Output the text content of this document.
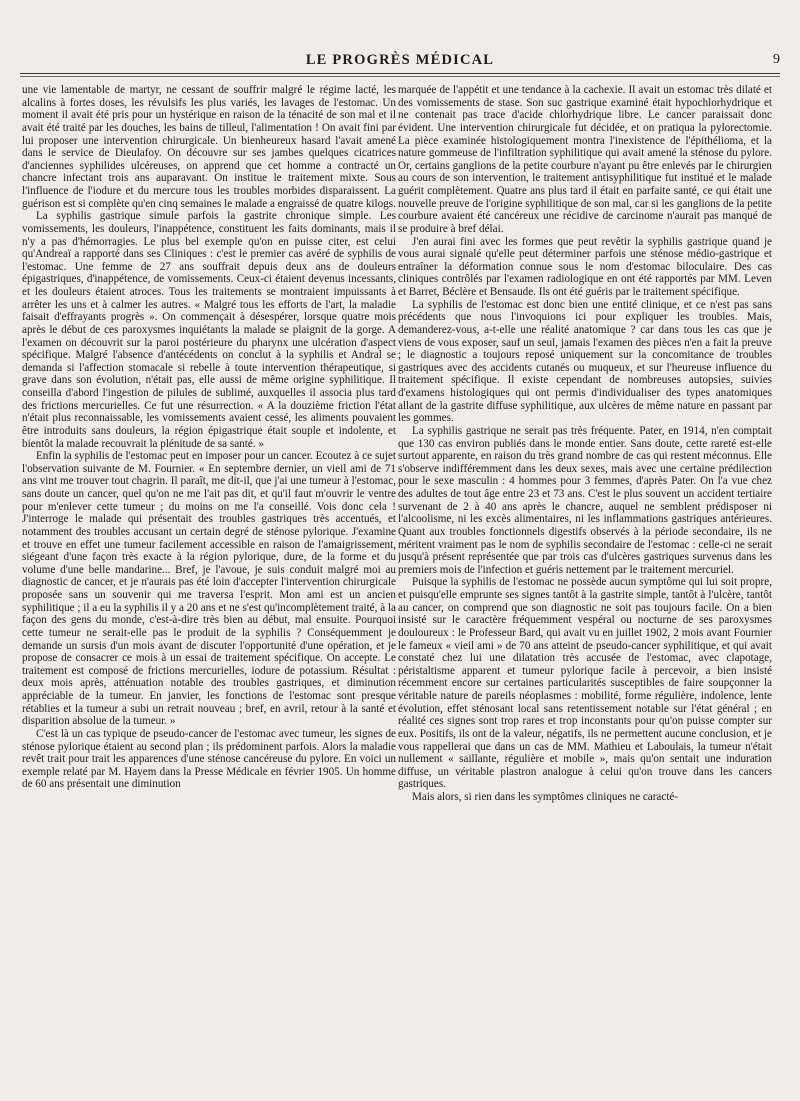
LE PROGRÈS MÉDICAL	9

une vie lamentable de martyr, ne cessant de souffrir malgré le régime lacté, les alcalins à fortes doses, les révulsifs les plus variés, les lavages de l'estomac. Un moment il avait été pris pour un hystérique en raison de la ténacité de son mal et il avait été traité par les douches, les bains de tilleul, l'alimentation ! On avait fini par lui proposer une intervention chirurgicale. Un bienheureux hasard l'avait amené dans le service de Dieulafoy. On découvre sur ses jambes quelques cicatrices d'anciennes syphilides ulcéreuses, on apprend que cet homme a contracté un chancre infectant trois ans auparavant. On institue le traitement mixte. Sous l'influence de l'iodure et du mercure tous les troubles morbides disparaissent. La guérison est si complète qu'en cinq semaines le malade a engraissé de quatre kilogs.

La syphilis gastrique simule parfois la gastrite chronique simple. Les vomissements, les douleurs, l'inappétence, constituent les faits dominants, mais il n'y a pas d'hémorragies. Le plus bel exemple qu'on en puisse citer, est celui qu'Andreaï a rapporté dans ses Cliniques : c'est le premier cas avéré de syphilis de l'estomac. Une femme de 27 ans souffrait depuis deux ans de douleurs épigastriques, d'inappétence, de vomissements. Ceux-ci étaient devenus incessants, et les douleurs étaient atroces. Tous les traitements se montraient impuissants à arrêter les uns et à calmer les autres. « Malgré tous les efforts de l'art, la maladie faisait d'effrayants progrès ». On commençait à désespérer, lorsque quatre mois après le début de ces paroxysmes inquiétants la malade se plaignit de la gorge. A l'examen on découvrit sur la paroi postérieure du pharynx une ulcération d'aspect spécifique. Malgré l'absence d'antécédents on conclut à la syphilis et Andral se demanda si l'affection stomacale si rebelle à toute intervention thérapeutique, si grave dans son évolution, n'était pas, elle aussi de même origine syphilitique. Il conseilla d'abord l'ingestion de pilules de sublimé, auxquelles il associa plus tard des frictions mercurielles. Ce fut une résurrection. « A la douzième friction l'état n'était plus reconnaissable, les vomissements avaient cessé, les aliments pouvaient être introduits sans douleurs, la région épigastrique était souple et indolente, et bientôt la malade recouvrait la plénitude de sa santé. »

Enfin la syphilis de l'estomac peut en imposer pour un cancer. Ecoutez à ce sujet l'observation suivante de M. Fournier. « En septembre dernier, un vieil ami de 71 ans vint me trouver tout chagrin. Il paraît, me dit-il, que j'ai une tumeur à l'estomac, sans doute un cancer, quel qu'on ne me l'ait pas dit, et qu'il faut m'ouvrir le ventre pour m'enlever cette tumeur ; du moins on me l'a conseillé. Vois donc cela ! J'interroge le malade qui présentait des troubles gastriques très accentués, et notamment des troubles accusant un certain degré de sténose pylorique. J'examine et trouve en effet une tumeur facilement accessible en raison de l'amaigrissement, siégeant d'une façon très exacte à la région pylorique, dure, de la forme et du volume d'une belle mandarine... Bref, je l'avoue, je suis conduit malgré moi au diagnostic de cancer, et je n'aurais pas été loin d'accepter l'intervention chirurgicale proposée sans un souvenir qui me traversa l'esprit. Mon ami est un ancien syphilitique ; il a eu la syphilis il y a 20 ans et ne s'est qu'incomplètement traité, à la façon des gens du monde, c'est-à-dire très bien au début, mal ensuite. Pourquoi cette tumeur ne serait-elle pas le produit de la syphilis ? Conséquemment je demande un sursis d'un mois avant de discuter l'opportunité d'une opération, et je propose de consacrer ce mois à un essai de traitement spécifique. On accepte. Le traitement est composé de frictions mercurielles, iodure de potassium. Résultat : deux mois après, atténuation notable des troubles gastriques, et diminution appréciable de la tumeur. En janvier, les fonctions de l'estomac sont presque rétablies et la tumeur a subi un retrait nouveau ; bref, en avril, retour à la santé et disparition absolue de la tumeur. »

C'est là un cas typique de pseudo-cancer de l'estomac avec tumeur, les signes de sténose pylorique étaient au second plan ; ils prédominent parfois. Alors la maladie revêt trait pour trait les apparences d'une sténose cancéreuse du pylore. En voici un exemple relaté par M. Hayem dans la Presse Médicale en février 1905. Un homme de 60 ans présentait une diminution

marquée de l'appétit et une tendance à la cachexie. Il avait un estomac très dilaté et des vomissements de stase. Son suc gastrique examiné était hypochlorhydrique et ne contenait pas trace d'acide chlorhydrique libre. Le cancer paraissait donc évident. Une intervention chirurgicale fut décidée, et on pratiqua la pylorectomie. La pièce examinée histologiquement montra l'inexistence de l'épithélioma, et la nature gommeuse de l'infiltration syphilitique qui avait amené la sténose du pylore. Or, certains ganglions de la petite courbure n'ayant pu être enlevés par le chirurgien au cours de son intervention, le traitement antisyphilitique fut institué et le malade guérit complètement. Quatre ans plus tard il était en parfaite santé, ce qui était une nouvelle preuve de l'origine syphilitique de son mal, car si les ganglions de la petite courbure avaient été cancéreux une récidive de carcinome n'aurait pas manqué de se produire à bref délai.

J'en aurai fini avec les formes que peut revêtir la syphilis gastrique quand je vous aurai signalé qu'elle peut déterminer parfois une sténose médio-gastrique et entraîner la déformation connue sous le nom d'estomac biloculaire. Des cas cliniques contrôlés par l'examen radiologique en ont été rapportés par MM. Leven et Barret, Béclère et Bensaude. Ils ont été guéris par le traitement spécifique.

La syphilis de l'estomac est donc bien une entité clinique, et ce n'est pas sans précédents que nous l'invoquions ici pour expliquer les troubles. Mais, demanderez-vous, a-t-elle une réalité anatomique ? car dans tous les cas que je viens de vous exposer, sauf un seul, jamais l'examen des pièces n'en a fait la preuve ; le diagnostic a toujours reposé uniquement sur la concomitance de troubles gastriques avec des accidents cutanés ou muqueux, et sur l'heureuse influence du traitement spécifique. Il existe cependant de nombreuses autopsies, suivies d'examens histologiques qui ont permis d'individualiser des types anatomiques allant de la gastrite diffuse syphilitique, aux ulcères de même nature en passant par les gommes.

La syphilis gastrique ne serait pas très fréquente. Pater, en 1914, n'en comptait que 130 cas environ publiés dans le monde entier. Sans doute, cette rareté est-elle surtout apparente, en raison du très grand nombre de cas qui restent méconnus. Elle s'observe indifféremment dans les deux sexes, mais avec une certaine prédilection pour le sexe masculin : 4 hommes pour 3 femmes, d'après Pater. On l'a vue chez des adultes de tout âge entre 23 et 73 ans. C'est le plus souvent un accident tertiaire survenant de 2 à 40 ans après le chancre, auquel ne semblent prédisposer ni l'alcoolisme, ni les excès alimentaires, ni les inflammations gastriques antérieures. Quant aux troubles fonctionnels digestifs observés à la période secondaire, ils ne méritent vraiment pas le nom de syphilis secondaire de l'estomac : celle-ci ne serait jusqu'à présent représentée que par trois cas d'ulcères gastriques survenus dans les premiers mois de l'infection et guéris nettement par le traitement mercuriel.

Puisque la syphilis de l'estomac ne possède aucun symptôme qui lui soit propre, et puisqu'elle emprunte ses signes tantôt à la gastrite simple, tantôt à l'ulcère, tantôt au cancer, on comprend que son diagnostic ne soit pas toujours facile. On a bien insisté sur le caractère fréquemment vespéral ou nocturne de ses paroxysmes douloureux : le Professeur Bard, qui avait vu en juillet 1902, 2 mois avant Fournier le fameux « vieil ami » de 70 ans atteint de pseudo-cancer syphilitique, et qui avait constaté chez lui une dilatation très accusée de l'estomac, avec clapotage, péristaltisme apparent et tumeur pylorique facile à percevoir, a bien insisté récemment encore sur certaines particularités susceptibles de faire soupçonner la véritable nature de pareils néoplasmes : mobilité, forme régulière, indolence, lente évolution, effet sténosant local sans retentissement notable sur l'état général ; en réalité ces signes sont trop rares et trop inconstants pour qu'on puisse compter sur eux. Positifs, ils ont de la valeur, négatifs, ils ne permettent aucune conclusion, et je vous rappellerai que dans un cas de MM. Mathieu et Laboulais, la tumeur n'était nullement « saillante, régulière et mobile », mais qu'on sentait une induration diffuse, un véritable plastron analogue à celui qu'on trouve dans les cancers gastriques.

Mais alors, si rien dans les symptômes cliniques ne caracté-
